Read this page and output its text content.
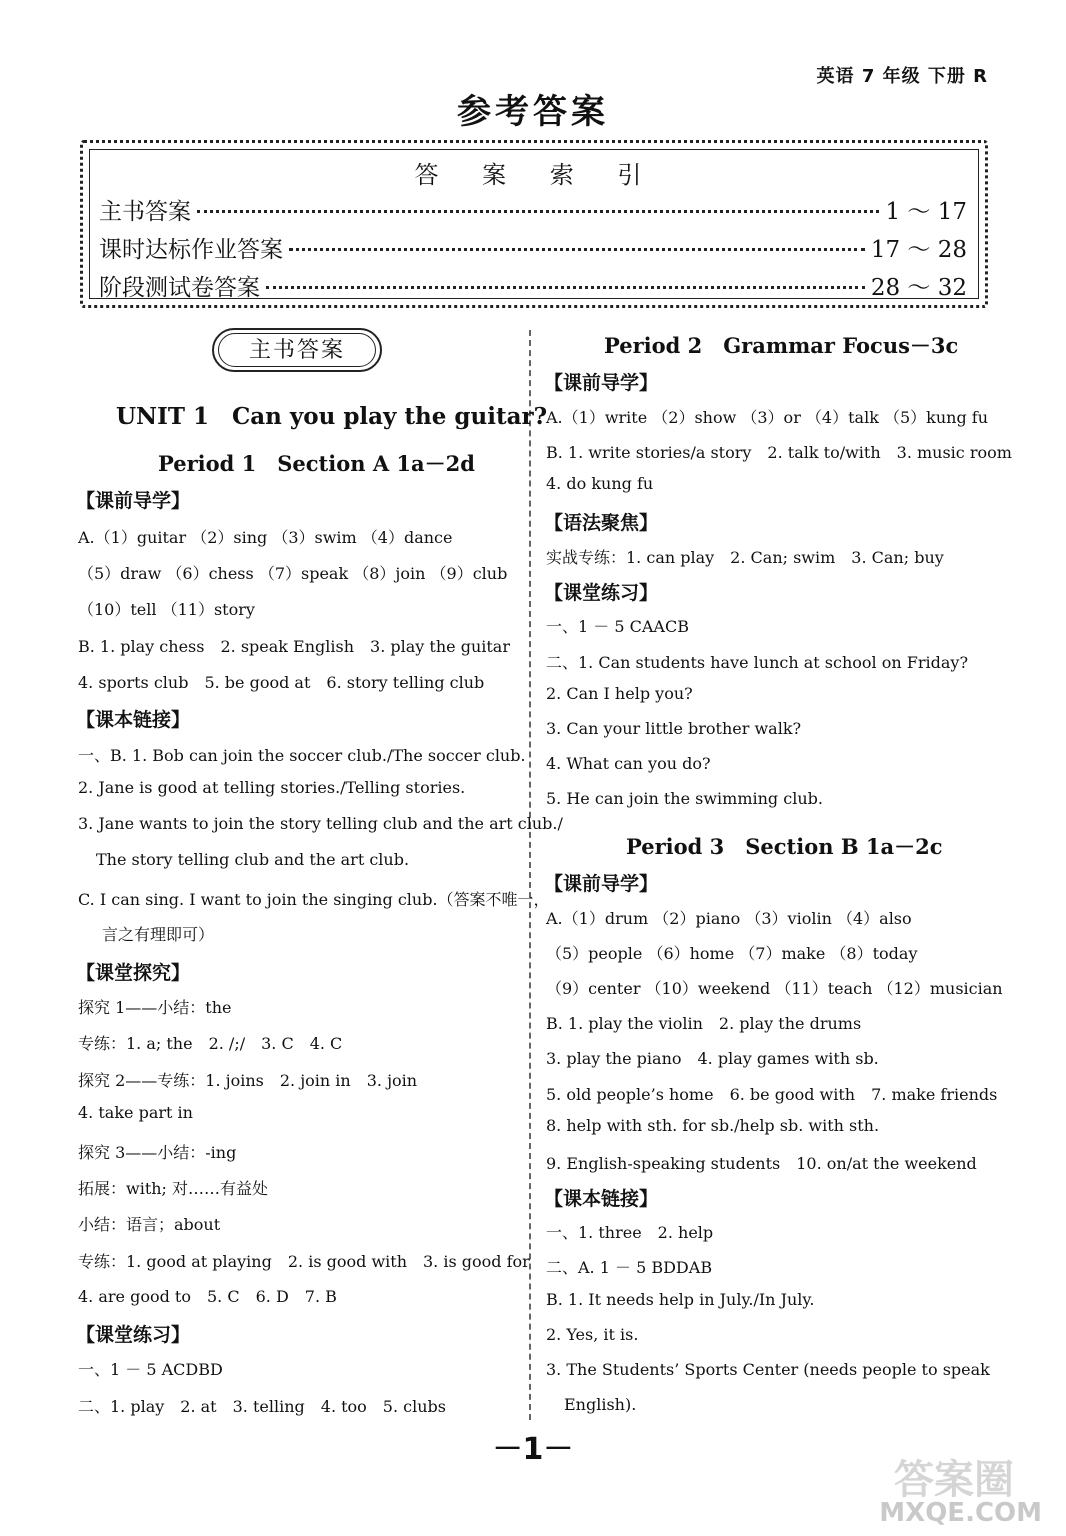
英语 7 年级 下册 R
参考答案
答 案 索 引
主书答案	1 ～ 17
课时达标作业答案	17 ～ 28
阶段测试卷答案	28 ～ 32
主书答案
UNIT 1　Can you play the guitar?
Period 1　Section A 1a－2d
【课前导学】
A.（1）guitar （2）sing （3）swim （4）dance
（5）draw （6）chess （7）speak （8）join （9）club
（10）tell （11）story
B. 1. play chess　2. speak English　3. play the guitar
4. sports club　5. be good at　6. story telling club
【课本链接】
一、B. 1. Bob can join the soccer club./The soccer club.
2. Jane is good at telling stories./Telling stories.
3. Jane wants to join the story telling club and the art club./
The story telling club and the art club.
C. I can sing. I want to join the singing club.（答案不唯一，
言之有理即可）
【课堂探究】
探究 1——小结：the
专练：1. a; the　2. /;/　3. C　4. C
探究 2——专练：1. joins　2. join in　3. join
4. take part in
探究 3——小结：-ing
拓展：with; 对……有益处
小结：语言；about
专练：1. good at playing　2. is good with　3. is good for
4. are good to　5. C　6. D　7. B
【课堂练习】
一、1 － 5 ACDBD
二、1. play　2. at　3. telling　4. too　5. clubs
Period 2　Grammar Focus－3c
【课前导学】
A.（1）write （2）show （3）or （4）talk （5）kung fu
B. 1. write stories/a story　2. talk to/with　3. music room
4. do kung fu
【语法聚焦】
实战专练：1. can play　2. Can; swim　3. Can; buy
【课堂练习】
一、1 － 5 CAACB
二、1. Can students have lunch at school on Friday?
2. Can I help you?
3. Can your little brother walk?
4. What can you do?
5. He can join the swimming club.
Period 3　Section B 1a－2c
【课前导学】
A.（1）drum （2）piano （3）violin （4）also
（5）people （6）home （7）make （8）today
（9）center （10）weekend （11）teach （12）musician
B. 1. play the violin　2. play the drums
3. play the piano　4. play games with sb.
5. old people’s home　6. be good with　7. make friends
8. help with sth. for sb./help sb. with sth.
9. English-speaking students　10. on/at the weekend
【课本链接】
一、1. three　2. help
二、A. 1 － 5 BDDAB
B. 1. It needs help in July./In July.
2. Yes, it is.
3. The Students’ Sports Center (needs people to speak
English).
－1－
答案圈
MXQE.COM
